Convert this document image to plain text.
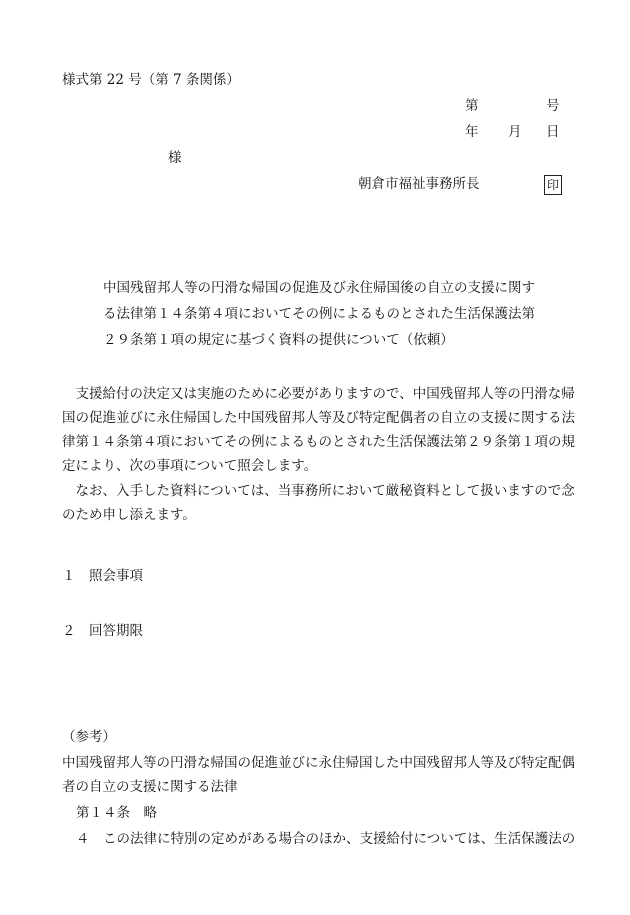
様式第 22 号（第 7 条関係）
第	号
年 月 日
様
朝倉市福祉事務所長	印
中国残留邦人等の円滑な帰国の促進及び永住帰国後の自立の支援に関す
る法律第１４条第４項においてその例によるものとされた生活保護法第
２９条第１項の規定に基づく資料の提供について（依頼）
　支援給付の決定又は実施のために必要がありますので、中国残留邦人等の円滑な帰
国の促進並びに永住帰国した中国残留邦人等及び特定配偶者の自立の支援に関する法
律第１４条第４項においてその例によるものとされた生活保護法第２９条第１項の規
定により、次の事項について照会します。
　なお、入手した資料については、当事務所において厳秘資料として扱いますので念
のため申し添えます。
１ 照会事項
２ 回答期限
（参考）
中国残留邦人等の円滑な帰国の促進並びに永住帰国した中国残留邦人等及び特定配偶
者の自立の支援に関する法律
第１４条　略
４ この法律に特別の定めがある場合のほか、支援給付については、生活保護法の
